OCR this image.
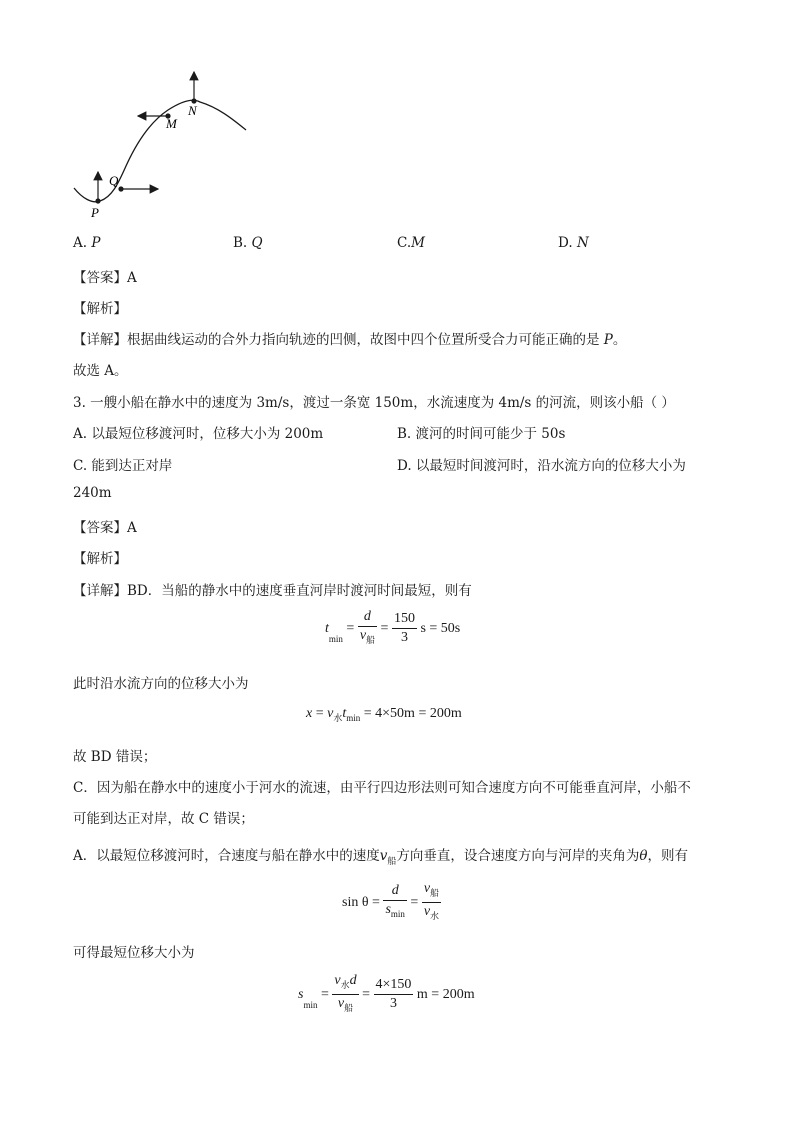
P
Q
M
N
A. P	B. Q	C.M	D. N
【答案】A
【解析】
【详解】根据曲线运动的合外力指向轨迹的凹侧，故图中四个位置所受合力可能正确的是 P。
故选 A。
3. 一艘小船在静水中的速度为 3m/s，渡过一条宽 150m，水流速度为 4m/s 的河流，则该小船（ ）
A. 以最短位移渡河时，位移大小为 200m	B. 渡河的时间可能少于 50s
C. 能到达正对岸	D. 以最短时间渡河时，沿水流方向的位移大小为
240m
【答案】A
【解析】
【详解】BD．当船的静水中的速度垂直河岸时渡河时间最短，则有
$tmin = \frac{d}{v_船} = \frac{150}{3}$ s = 50s
此时沿水流方向的位移大小为
$x = v_水t_{min} = 4\times 50m = 200m$
故 BD 错误；
C．因为船在静水中的速度小于河水的流速，由平行四边形法则可知合速度方向不可能垂直河岸，小船不
可能到达正对岸，故 C 错误；
A．以最短位移渡河时，合速度与船在静水中的速度$v_船$方向垂直，设合速度方向与河岸的夹角为θ，则有
$\sin \theta = \frac{d}{s_{min}} = \frac{v_船}{v_水}$
可得最短位移大小为
$smin = \frac{v_水d}{v_船} = \frac{4\times 150}{3}$ m = 200m
